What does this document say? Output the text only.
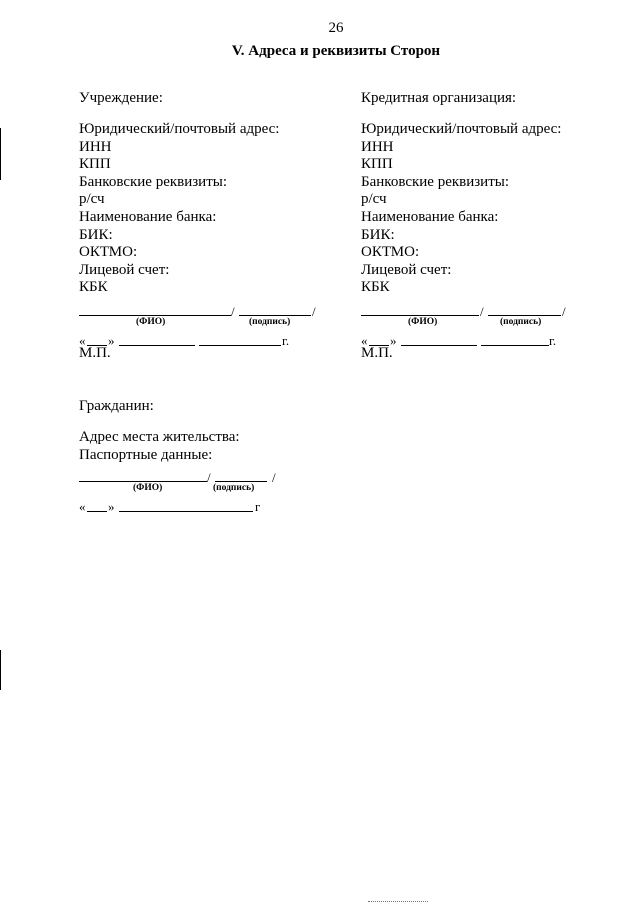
26
V. Адреса и реквизиты Сторон
Учреждение:
Юридический/почтовый адрес:
ИНН
КПП
Банковские реквизиты:
р/сч
Наименование банка:
БИК:
ОКТМО:
Лицевой счет:
КБК
/	/
(ФИО)	(подпись)
« »	г.
М.П.
Кредитная организация:
Юридический/почтовый адрес:
ИНН
КПП
Банковские реквизиты:
р/сч
Наименование банка:
БИК:
ОКТМО:
Лицевой счет:
КБК
/	/
(ФИО)	(подпись)
« »	г.
М.П.
Гражданин:
Адрес места жительства:
Паспортные данные:
/	/
(ФИО)	(подпись)
« »	г
